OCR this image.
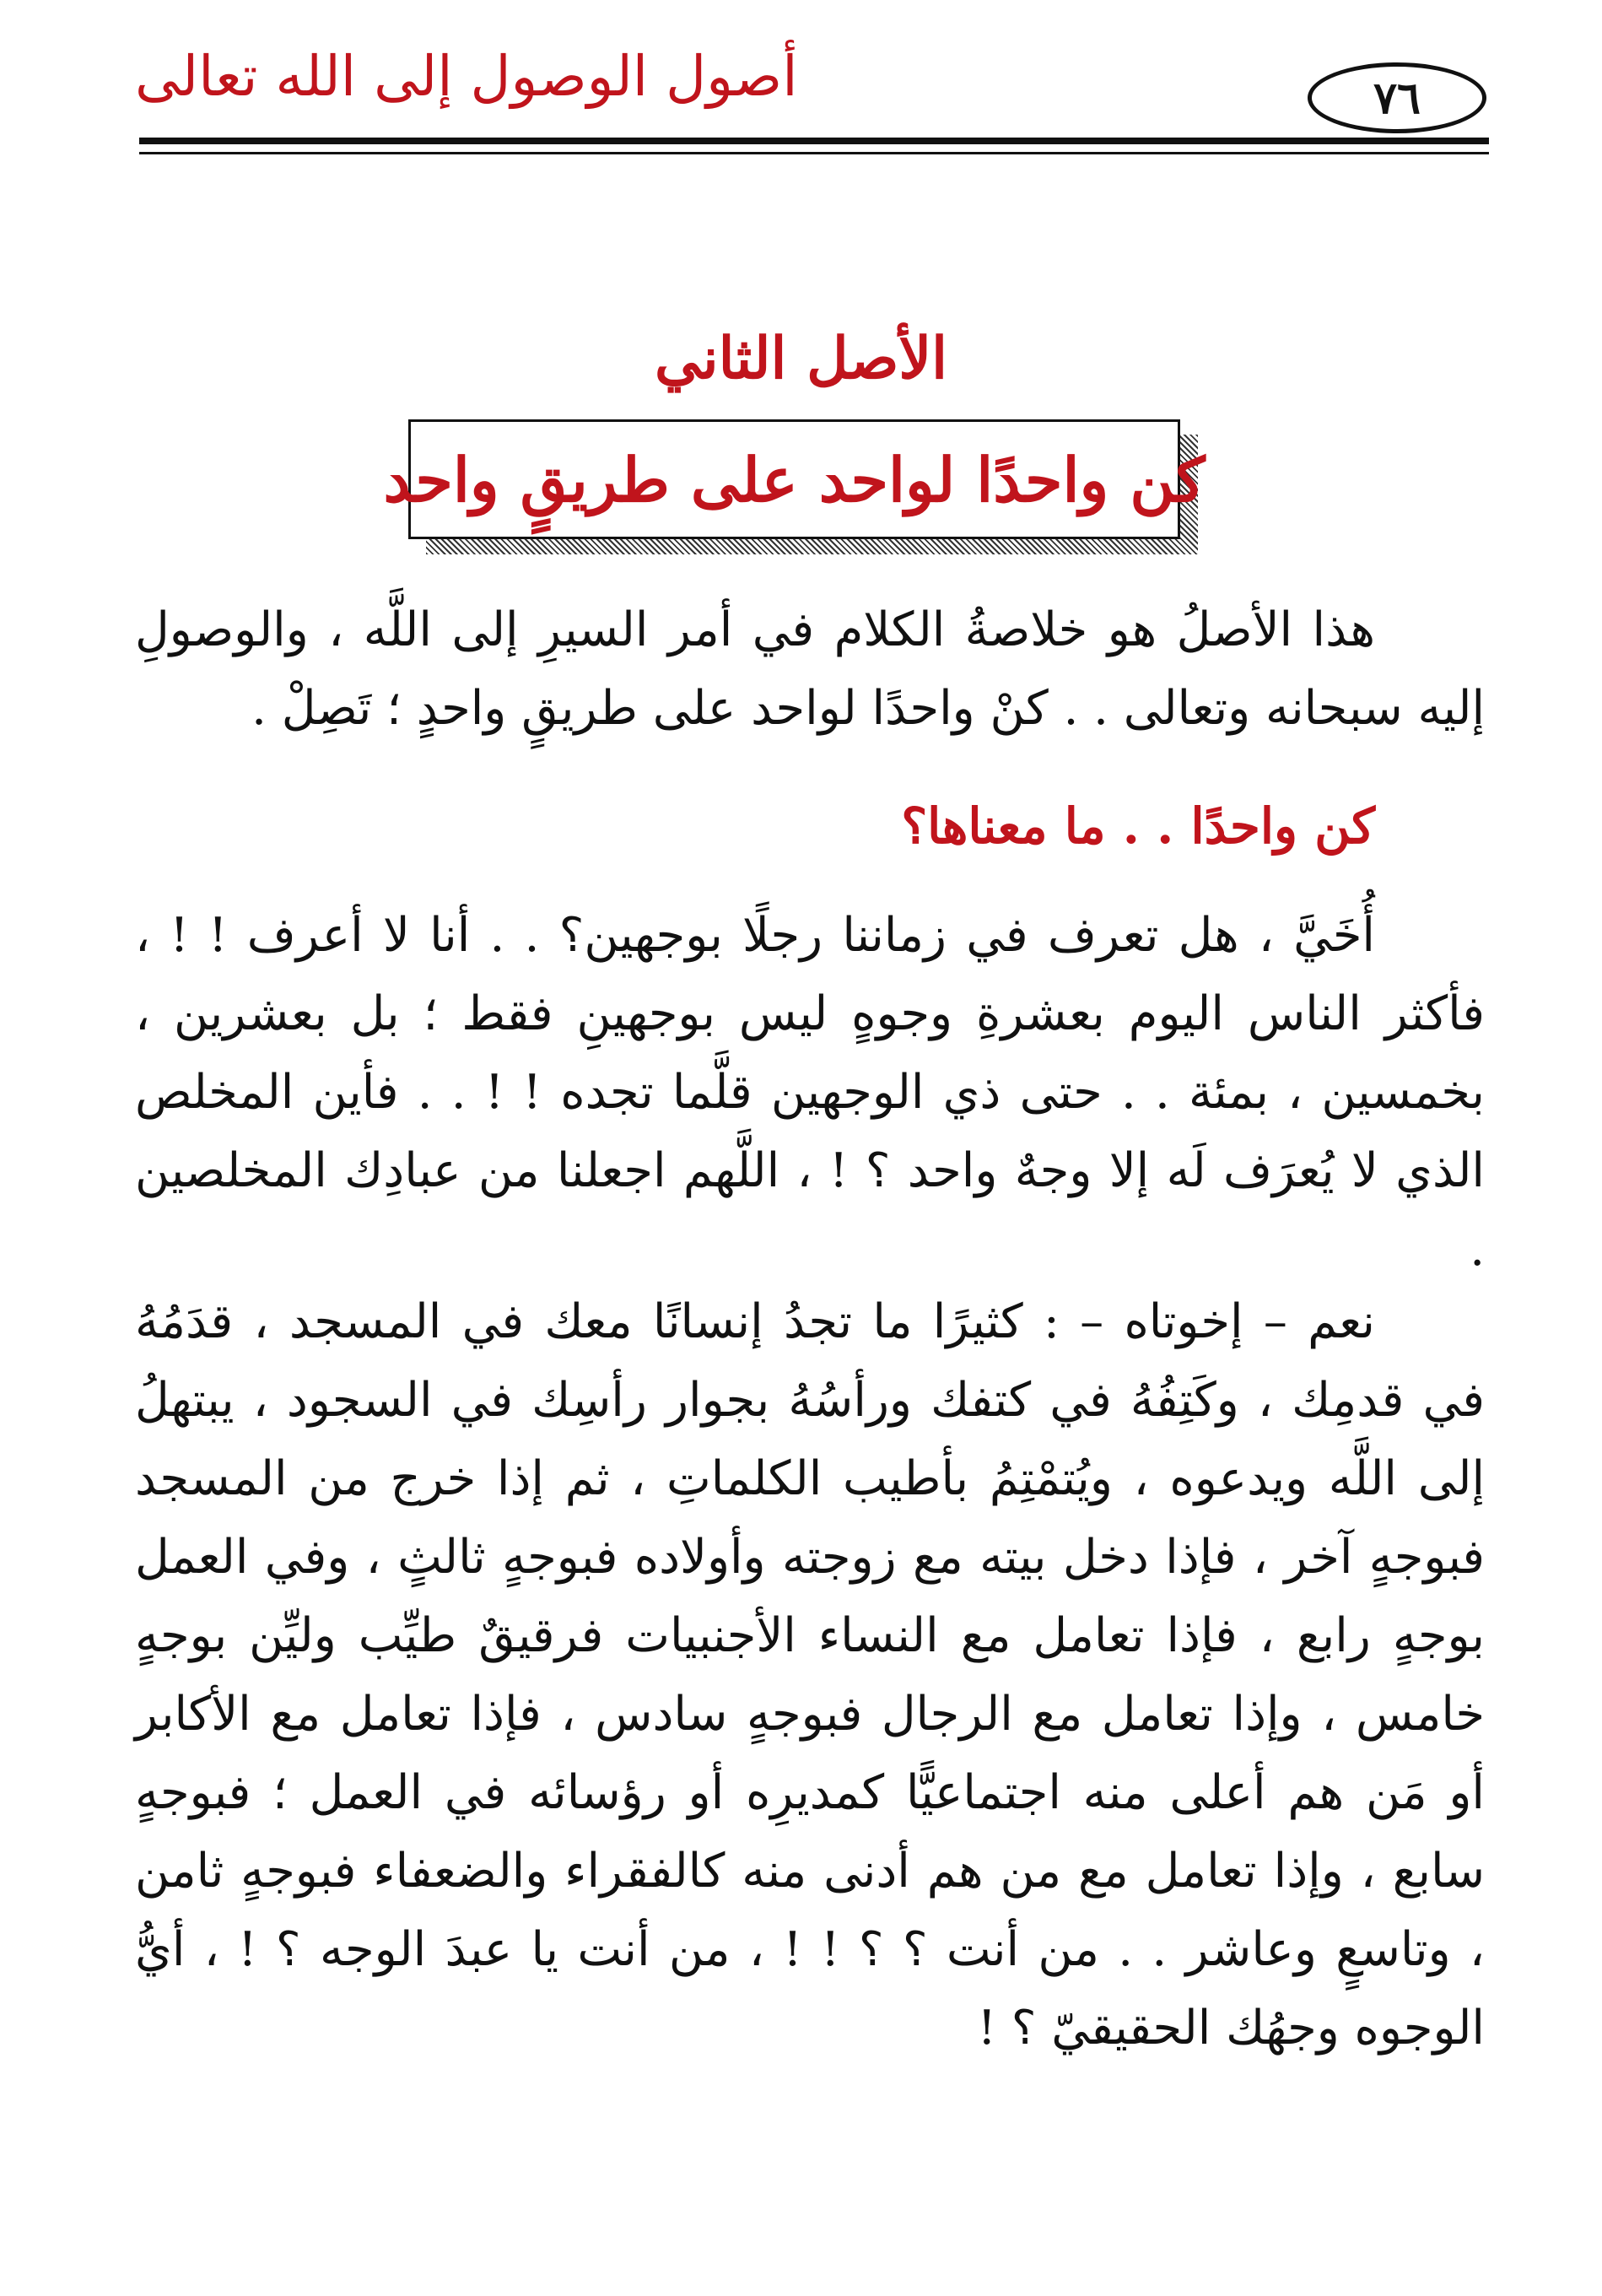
أصول الوصول إلى الله تعالى	٧٦
الأصل الثاني
كن واحدًا لواحد على طريقٍ واحد

هذا الأصلُ هو خلاصةُ الكلام في أمر السيرِ إلى اللَّه ، والوصولِ إليه سبحانه وتعالى . . كنْ واحدًا لواحد على طريقٍ واحدٍ ؛ تَصِلْ .

كن واحدًا . . ما معناها؟

أُخَيَّ ، هل تعرف في زماننا رجلًا بوجهين؟ . . أنا لا أعرف ! ! ، فأكثر الناس اليوم بعشرةِ وجوهٍ ليس بوجهينِ فقط ؛ بل بعشرين ، بخمسين ، بمئة . . حتى ذي الوجهين قلَّما تجده ! ! . . فأين المخلص الذي لا يُعرَف لَه إلا وجهٌ واحد ؟ ! ، اللَّهم اجعلنا من عبادِك المخلصين .

نعم – إخوتاه – : كثيرًا ما تجدُ إنسانًا معك في المسجد ، قدَمُهُ في قدمِك ، وكَتِفُهُ في كتفك ورأسُهُ بجوار رأسِك في السجود ، يبتهلُ إلى اللَّه ويدعوه ، ويُتمْتِمُ بأطيب الكلماتِ ، ثم إذا خرج من المسجد فبوجهٍ آخر ، فإذا دخل بيته مع زوجته وأولاده فبوجهٍ ثالثٍ ، وفي العمل بوجهٍ رابع ، فإذا تعامل مع النساء الأجنبيات فرقيقٌ طيِّب وليِّن بوجهٍ خامس ، وإذا تعامل مع الرجال فبوجهٍ سادس ، فإذا تعامل مع الأكابر أو مَن هم أعلى منه اجتماعيًّا كمديرِه أو رؤسائه في العمل ؛ فبوجهٍ سابع ، وإذا تعامل مع من هم أدنى منه كالفقراء والضعفاء فبوجهٍ ثامن ، وتاسعٍ وعاشر . . من أنت ؟ ؟ ! ! ، من أنت يا عبدَ الوجه ؟ ! ، أيُّ الوجوه وجهُك الحقيقيّ ؟ !
